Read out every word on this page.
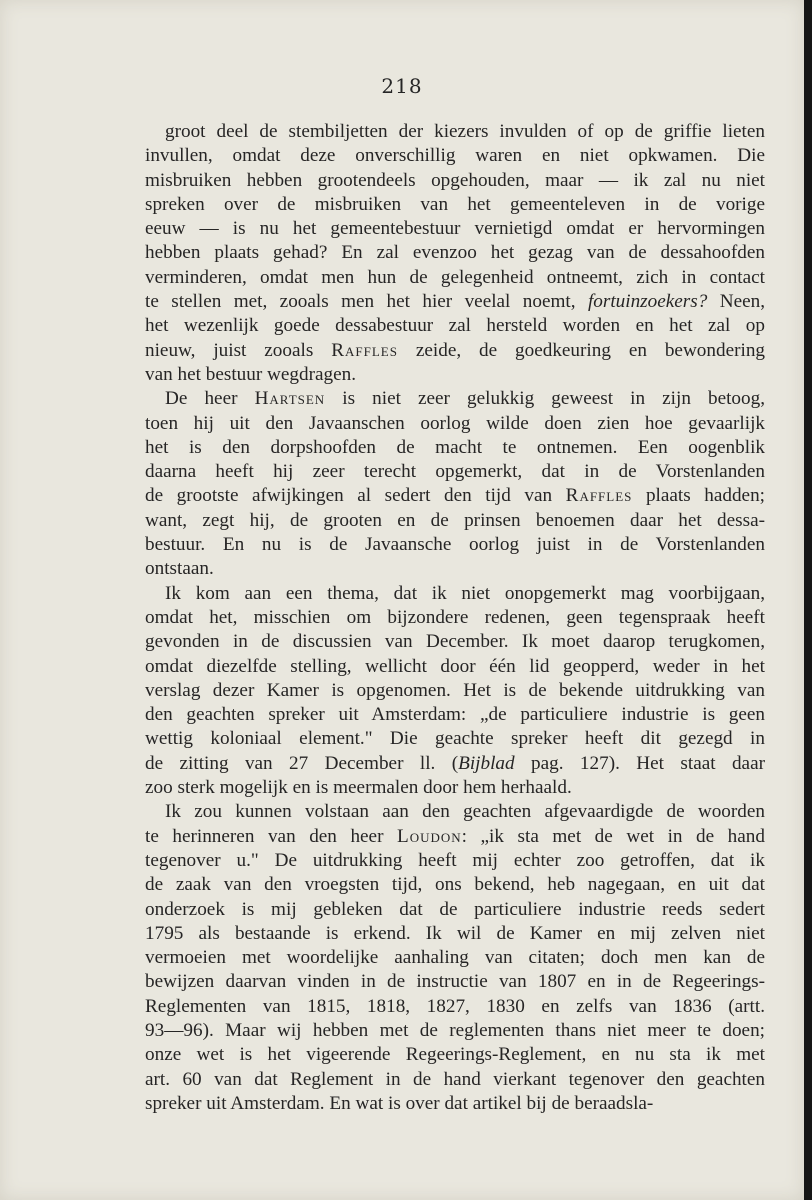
218
groot deel de stembiljetten der kiezers invulden of op de griffie lieten
invullen, omdat deze onverschillig waren en niet opkwamen. Die
misbruiken hebben grootendeels opgehouden, maar — ik zal nu niet
spreken over de misbruiken van het gemeenteleven in de vorige
eeuw — is nu het gemeentebestuur vernietigd omdat er hervormingen
hebben plaats gehad? En zal evenzoo het gezag van de dessahoofden
verminderen, omdat men hun de gelegenheid ontneemt, zich in contact
te stellen met, zooals men het hier veelal noemt, fortuinzoekers? Neen,
het wezenlijk goede dessabestuur zal hersteld worden en het zal op
nieuw, juist zooals Raffles zeide, de goedkeuring en bewondering
van het bestuur wegdragen.
De heer Hartsen is niet zeer gelukkig geweest in zijn betoog,
toen hij uit den Javaanschen oorlog wilde doen zien hoe gevaarlijk
het is den dorpshoofden de macht te ontnemen. Een oogenblik
daarna heeft hij zeer terecht opgemerkt, dat in de Vorstenlanden
de grootste afwijkingen al sedert den tijd van Raffles plaats hadden;
want, zegt hij, de grooten en de prinsen benoemen daar het dessa-
bestuur. En nu is de Javaansche oorlog juist in de Vorstenlanden
ontstaan.
Ik kom aan een thema, dat ik niet onopgemerkt mag voorbijgaan,
omdat het, misschien om bijzondere redenen, geen tegenspraak heeft
gevonden in de discussien van December. Ik moet daarop terugkomen,
omdat diezelfde stelling, wellicht door één lid geopperd, weder in het
verslag dezer Kamer is opgenomen. Het is de bekende uitdrukking van
den geachten spreker uit Amsterdam: „de particuliere industrie is geen
wettig koloniaal element." Die geachte spreker heeft dit gezegd in
de zitting van 27 December ll. (Bijblad pag. 127). Het staat daar
zoo sterk mogelijk en is meermalen door hem herhaald.
Ik zou kunnen volstaan aan den geachten afgevaardigde de woorden
te herinneren van den heer Loudon: „ik sta met de wet in de hand
tegenover u." De uitdrukking heeft mij echter zoo getroffen, dat ik
de zaak van den vroegsten tijd, ons bekend, heb nagegaan, en uit dat
onderzoek is mij gebleken dat de particuliere industrie reeds sedert
1795 als bestaande is erkend. Ik wil de Kamer en mij zelven niet
vermoeien met woordelijke aanhaling van citaten; doch men kan de
bewijzen daarvan vinden in de instructie van 1807 en in de Regeerings-
Reglementen van 1815, 1818, 1827, 1830 en zelfs van 1836 (artt.
93—96). Maar wij hebben met de reglementen thans niet meer te doen;
onze wet is het vigeerende Regeerings-Reglement, en nu sta ik met
art. 60 van dat Reglement in de hand vierkant tegenover den geachten
spreker uit Amsterdam. En wat is over dat artikel bij de beraadsla-
